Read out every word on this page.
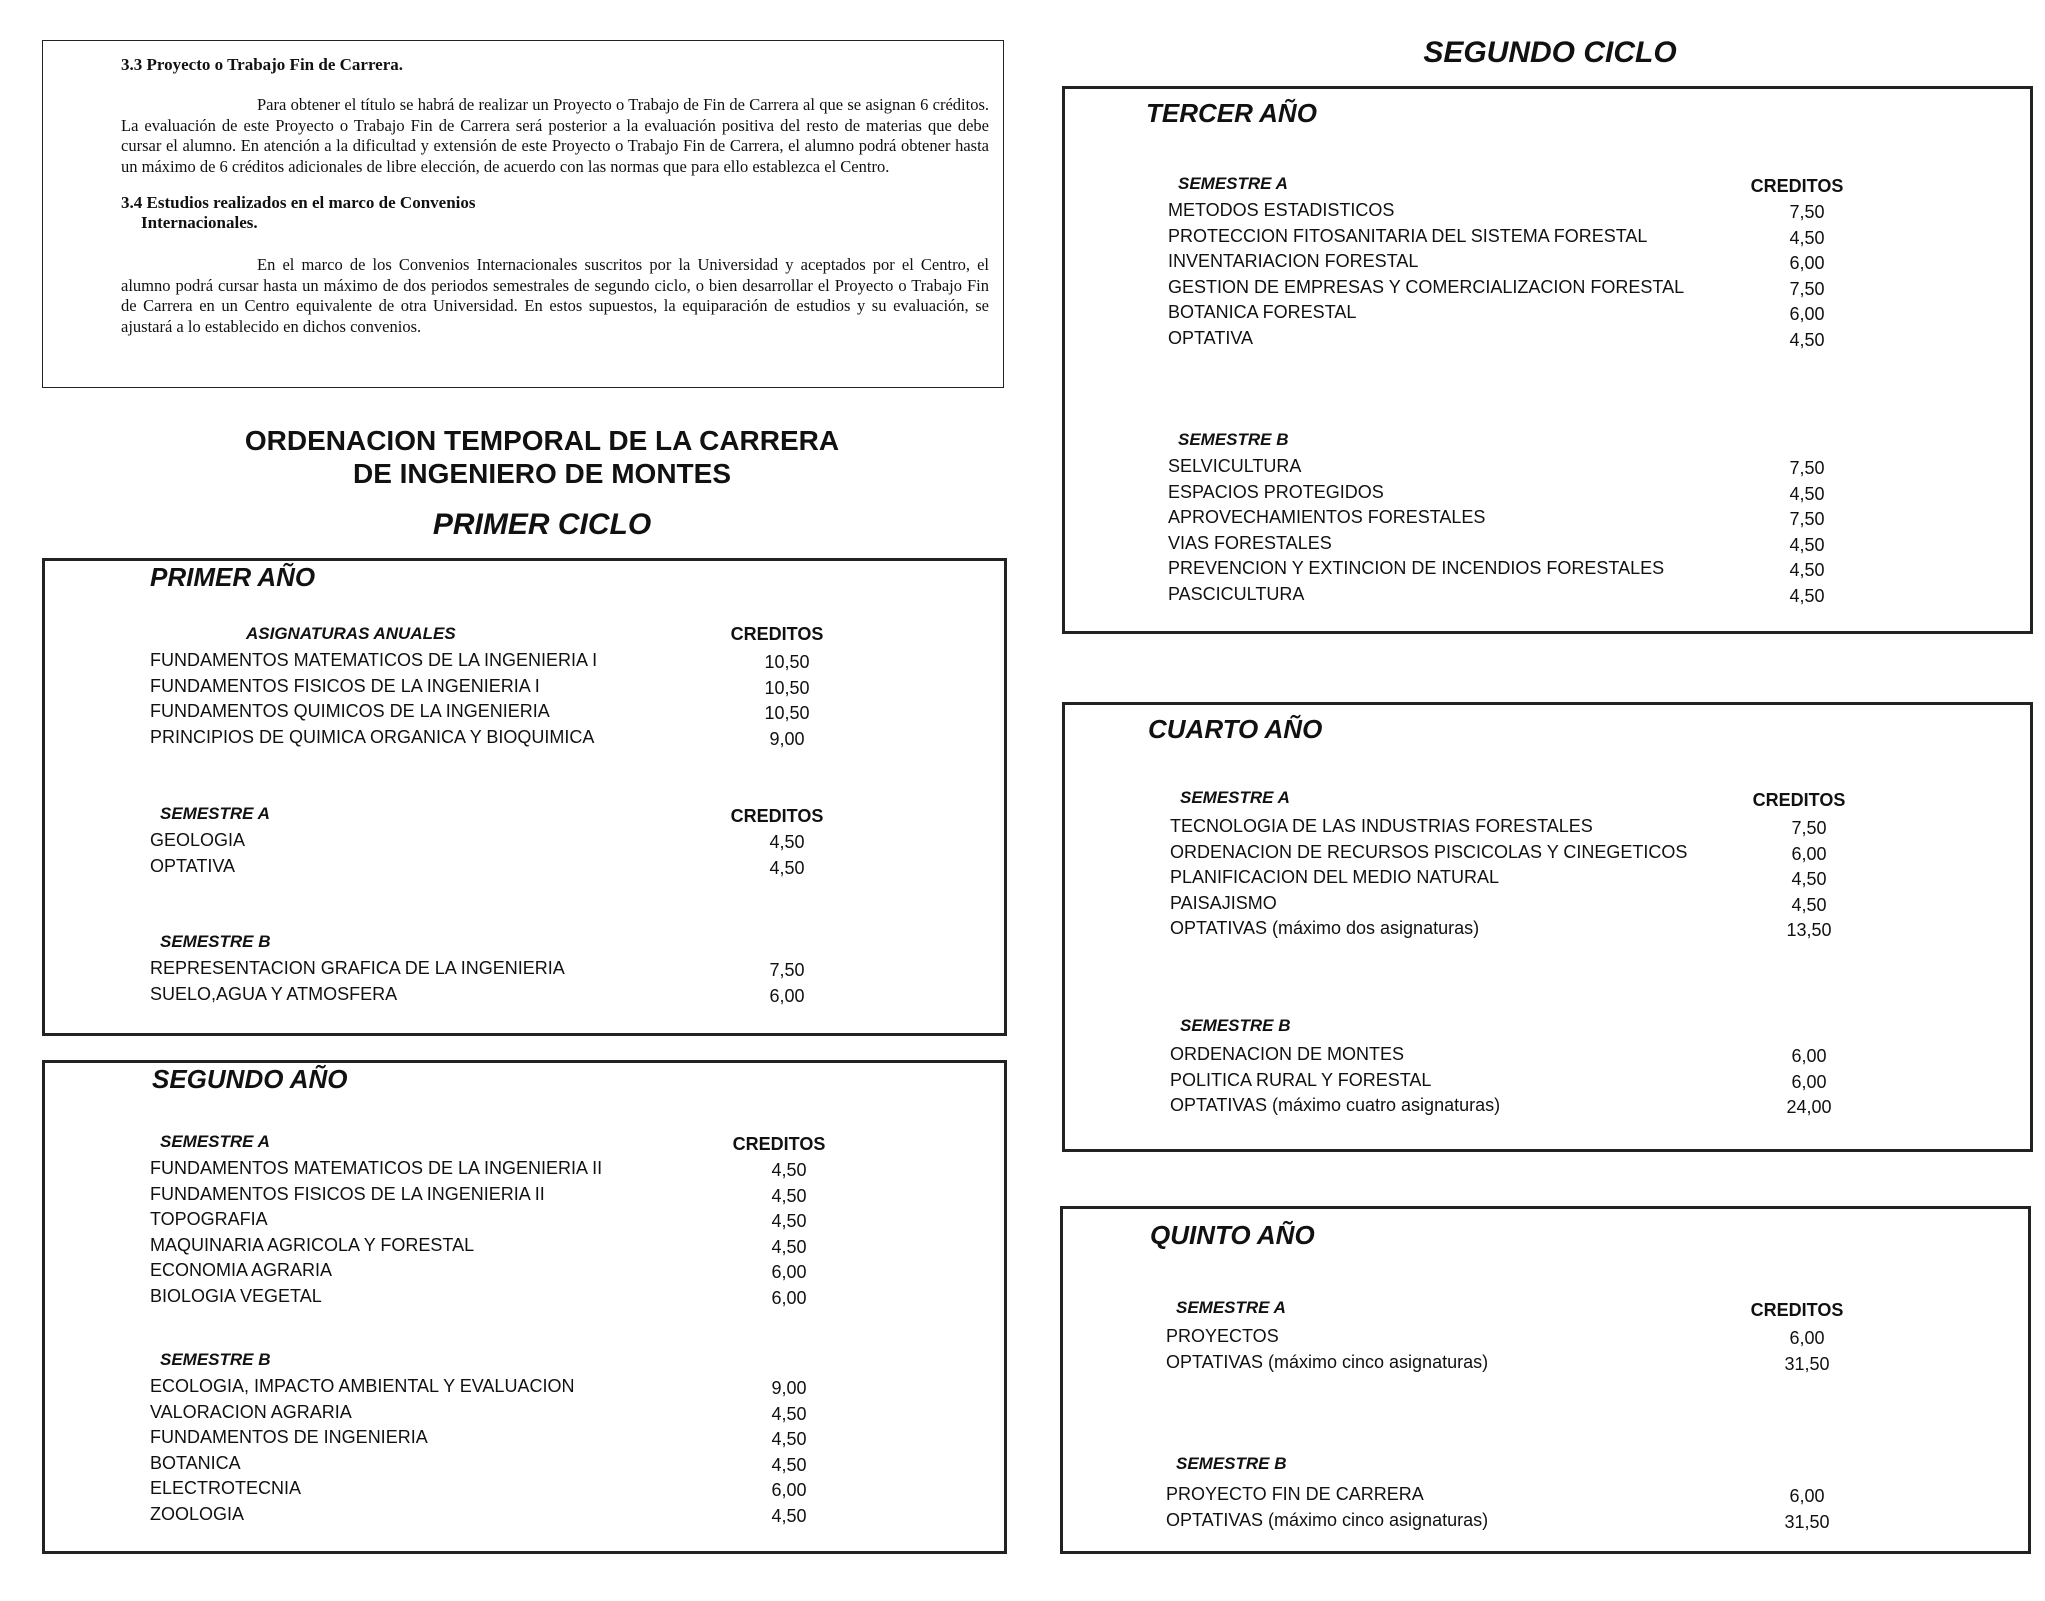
3.3 Proyecto o Trabajo Fin de Carrera.

Para obtener el título se habrá de realizar un Proyecto o Trabajo de Fin de Carrera al que se asignan 6 créditos. La evaluación de este Proyecto o Trabajo Fin de Carrera será posterior a la evaluación positiva del resto de materias que debe cursar el alumno. En atención a la dificultad y extensión de este Proyecto o Trabajo Fin de Carrera, el alumno podrá obtener hasta un máximo de 6 créditos adicionales de libre elección, de acuerdo con las normas que para ello establezca el Centro.

3.4 Estudios realizados en el marco de Convenios
Internacionales.

En el marco de los Convenios Internacionales suscritos por la Universidad y aceptados por el Centro, el alumno podrá cursar hasta un máximo de dos periodos semestrales de segundo ciclo, o bien desarrollar el Proyecto o Trabajo Fin de Carrera en un Centro equivalente de otra Universidad. En estos supuestos, la equiparación de estudios y su evaluación, se ajustará a lo establecido en dichos convenios.

ORDENACION TEMPORAL DE LA CARRERA
DE INGENIERO DE MONTES
PRIMER CICLO
SEGUNDO CICLO
PRIMER AÑO
ASIGNATURAS ANUALES	CREDITOS
FUNDAMENTOS MATEMATICOS DE LA INGENIERIA I	10,50
FUNDAMENTOS FISICOS DE LA INGENIERIA I	10,50
FUNDAMENTOS QUIMICOS DE LA INGENIERIA	10,50
PRINCIPIOS DE QUIMICA ORGANICA Y BIOQUIMICA	9,00
SEMESTRE A	CREDITOS
GEOLOGIA	4,50
OPTATIVA	4,50
SEMESTRE B
REPRESENTACION GRAFICA DE LA INGENIERIA	7,50
SUELO,AGUA Y ATMOSFERA	6,00
SEGUNDO AÑO
SEMESTRE A	CREDITOS
FUNDAMENTOS MATEMATICOS DE LA INGENIERIA II	4,50
FUNDAMENTOS FISICOS DE LA INGENIERIA II	4,50
TOPOGRAFIA	4,50
MAQUINARIA AGRICOLA Y FORESTAL	4,50
ECONOMIA AGRARIA	6,00
BIOLOGIA VEGETAL	6,00
SEMESTRE B
ECOLOGIA, IMPACTO AMBIENTAL Y EVALUACION	9,00
VALORACION AGRARIA	4,50
FUNDAMENTOS DE INGENIERIA	4,50
BOTANICA	4,50
ELECTROTECNIA	6,00
ZOOLOGIA	4,50
TERCER AÑO
SEMESTRE A	CREDITOS
METODOS ESTADISTICOS	7,50
PROTECCION FITOSANITARIA DEL SISTEMA FORESTAL	4,50
INVENTARIACION FORESTAL	6,00
GESTION DE EMPRESAS Y COMERCIALIZACION FORESTAL	7,50
BOTANICA FORESTAL	6,00
OPTATIVA	4,50
SEMESTRE B
SELVICULTURA	7,50
ESPACIOS PROTEGIDOS	4,50
APROVECHAMIENTOS FORESTALES	7,50
VIAS FORESTALES	4,50
PREVENCION Y EXTINCION DE INCENDIOS FORESTALES	4,50
PASCICULTURA	4,50
CUARTO AÑO
SEMESTRE A	CREDITOS
TECNOLOGIA DE LAS INDUSTRIAS FORESTALES	7,50
ORDENACION DE RECURSOS PISCICOLAS Y CINEGETICOS	6,00
PLANIFICACION DEL MEDIO NATURAL	4,50
PAISAJISMO	4,50
OPTATIVAS (máximo dos asignaturas)	13,50
SEMESTRE B
ORDENACION DE MONTES	6,00
POLITICA RURAL Y FORESTAL	6,00
OPTATIVAS (máximo cuatro asignaturas)	24,00
QUINTO AÑO
SEMESTRE A	CREDITOS
PROYECTOS	6,00
OPTATIVAS (máximo cinco asignaturas)	31,50
SEMESTRE B
PROYECTO FIN DE CARRERA	6,00
OPTATIVAS (máximo cinco asignaturas)	31,50
